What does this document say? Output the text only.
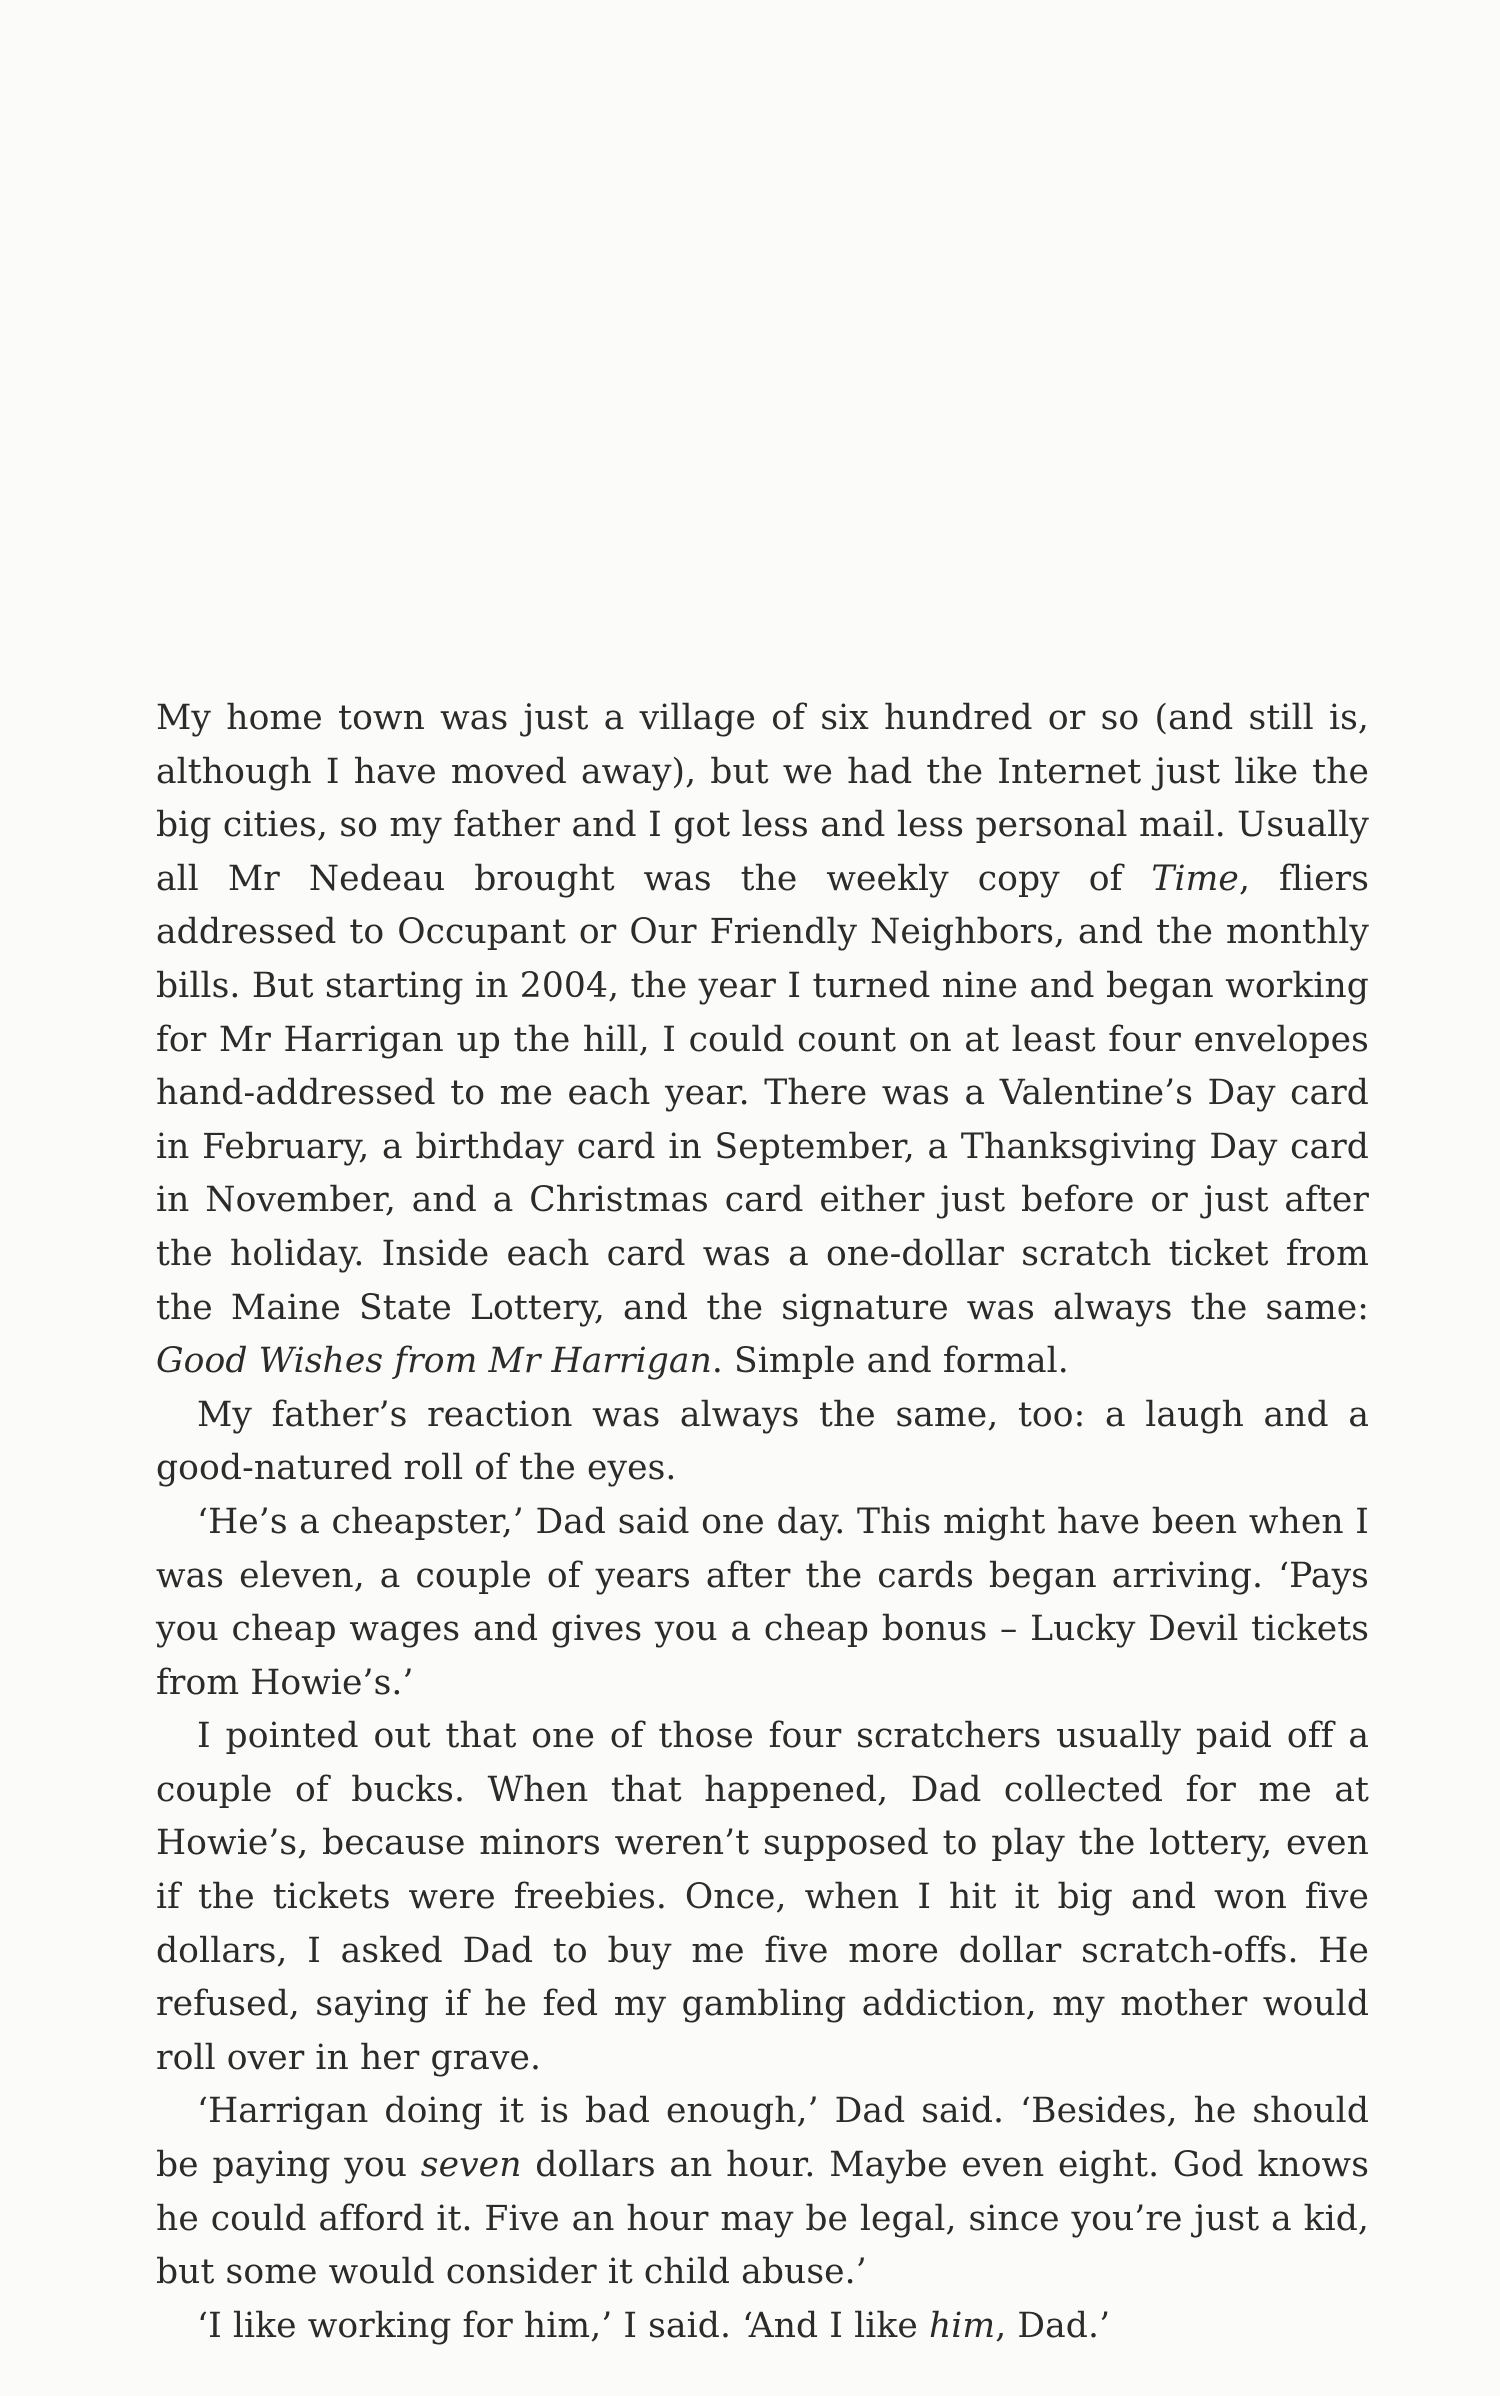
My home town was just a village of six hundred or so (and still is, although I have moved away), but we had the Internet just like the big cities, so my father and I got less and less personal mail. Usually all Mr Nedeau brought was the weekly copy of Time, fliers addressed to Occupant or Our Friendly Neighbors, and the monthly bills. But starting in 2004, the year I turned nine and began working for Mr Harrigan up the hill, I could count on at least four envelopes hand-addressed to me each year. There was a Valentine’s Day card in February, a birthday card in September, a Thanksgiving Day card in November, and a Christmas card either just before or just after the holiday. Inside each card was a one-dollar scratch ticket from the Maine State Lottery, and the signature was always the same: Good Wishes from Mr Harrigan. Simple and formal.

My father’s reaction was always the same, too: a laugh and a good-natured roll of the eyes.

‘He’s a cheapster,’ Dad said one day. This might have been when I was eleven, a couple of years after the cards began arriving. ‘Pays you cheap wages and gives you a cheap bonus – Lucky Devil tickets from Howie’s.’

I pointed out that one of those four scratchers usually paid off a couple of bucks. When that happened, Dad collected for me at Howie’s, because minors weren’t supposed to play the lottery, even if the tickets were freebies. Once, when I hit it big and won five dollars, I asked Dad to buy me five more dollar scratch-offs. He refused, saying if he fed my gambling addiction, my mother would roll over in her grave.

‘Harrigan doing it is bad enough,’ Dad said. ‘Besides, he should be paying you seven dollars an hour. Maybe even eight. God knows he could afford it. Five an hour may be legal, since you’re just a kid, but some would consider it child abuse.’

‘I like working for him,’ I said. ‘And I like him, Dad.’
